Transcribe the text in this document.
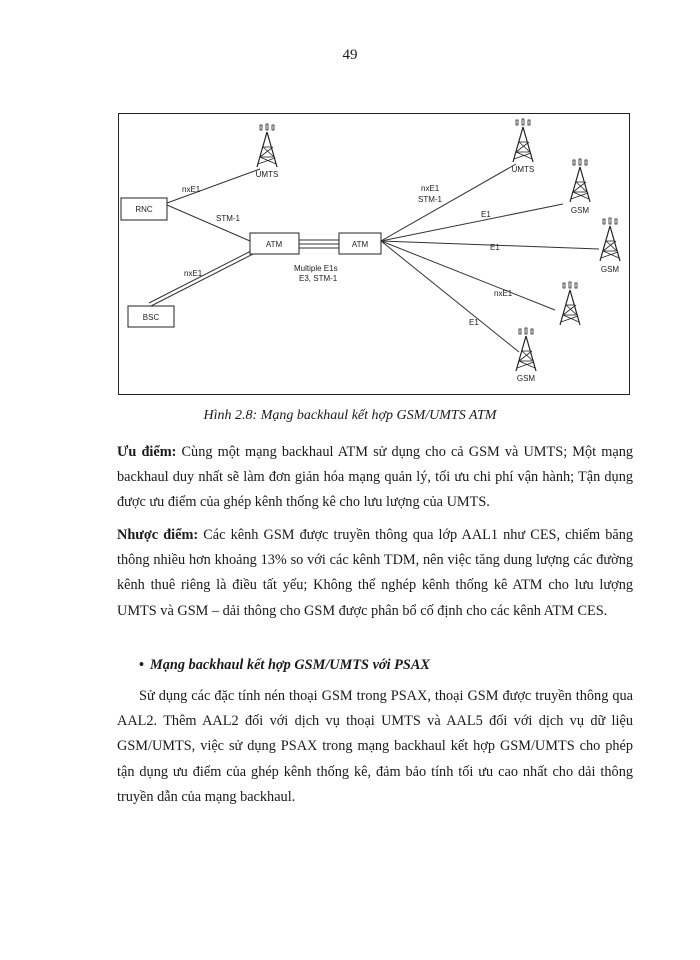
49
RNC
BSC
ATM	ATM
UMTS
UMTS
GSM
GSM
GSM
nxE1
STM-1
nxE1
Multiple E1s
E3, STM-1
nxE1
STM-1
E1
E1
nxE1
E1
Hình 2.8: Mạng backhaul kết hợp GSM/UMTS ATM

Ưu điểm: Cùng một mạng backhaul ATM sử dụng cho cả GSM và UMTS; Một mạng backhaul duy nhất sẽ làm đơn giản hóa mạng quản lý, tối ưu chi phí vận hành; Tận dụng được ưu điểm của ghép kênh thống kê cho lưu lượng của UMTS.

Nhược điểm: Các kênh GSM được truyền thông qua lớp AAL1 như CES, chiếm băng thông nhiều hơn khoảng 13% so với các kênh TDM, nên việc tăng dung lượng các đường kênh thuê riêng là điều tất yếu; Không thể nghép kênh thống kê ATM cho lưu lượng UMTS và GSM – dải thông cho GSM được phân bổ cố định cho các kênh ATM CES.

• Mạng backhaul kết hợp GSM/UMTS với PSAX

Sử dụng các đặc tính nén thoại GSM trong PSAX, thoại GSM được truyền thông qua AAL2. Thêm AAL2 đối với dịch vụ thoại UMTS và AAL5 đối với dịch vụ dữ liệu GSM/UMTS, việc sử dụng PSAX trong mạng backhaul kết hợp GSM/UMTS cho phép tận dụng ưu điểm của ghép kênh thống kê, đảm bảo tính tối ưu cao nhất cho dải thông truyền dẫn của mạng backhaul.
